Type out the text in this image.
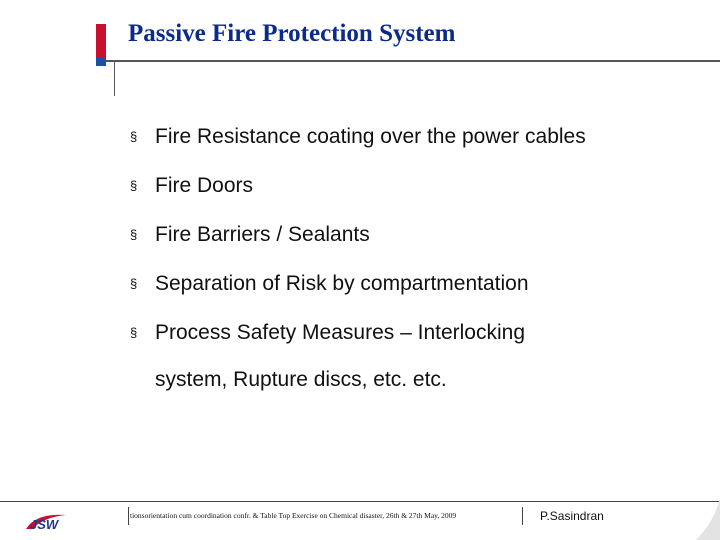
Passive Fire Protection System
§ Fire Resistance coating over the power cables
§ Fire Doors
§ Fire Barriers / Sealants
§ Separation of Risk by compartmentation
§ Process Safety Measures – Interlocking
system, Rupture discs, etc. etc.
JSW
tionsorientation cum coordination confr. & Table Top Exercise on Chemical disaster, 26th & 27th May, 2009	P.Sasindran
